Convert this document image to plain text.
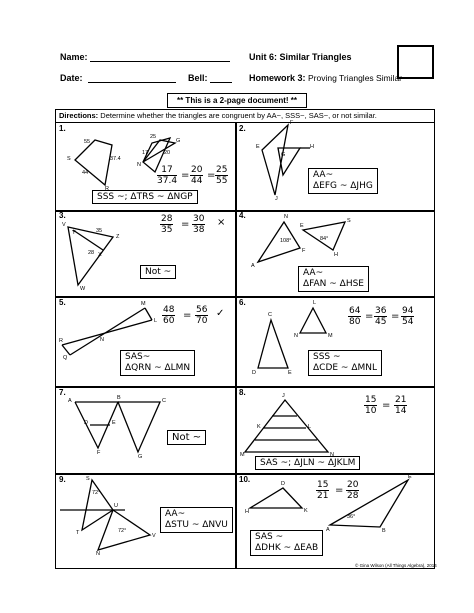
Name:
Date:	Bell:
Unit 6: Similar Triangles
Homework 3: Proving Triangles Similar
** This is a 2-page document! **
Directions: Determine whether the triangles are congruent by AA~, SSS~, SAS~, or not similar.
1.
S
55
37.4
44
R
25
20
17
N
G
$\frac{17}{37.4} = \frac{20}{44} = \frac{25}{55}$
SSS ~; ΔTRS ~ ΔNGP
2.
E
F
G
H
J
AA~
ΔEFG ~ ΔJHG
3.
V
Y
Z
X
W
35
28
$\frac{28}{35} = \frac{30}{38}$ ×
Not ~
4.	N
108°
E
A
F
S
84°
H
AA~
ΔFAN ~ ΔHSE
5.	M
N
R
Q
L $\frac{48}{60} = \frac{56}{70}$ ✓
SAS~
ΔQRN ~ ΔLMN
6.
C
L
N	M
D	E
$\frac{64}{80} = \frac{36}{45} = \frac{94}{54}$
SSS ~
ΔCDE ~ ΔMNL
7.
A	B	C
D	E
F
G
Not ~
8.	J
K	L
M	N
$\frac{15}{10} = \frac{21}{14}$
SAS ~; ΔJLN ~ ΔJKLM
9.	S
72°
U
T	72°
V
N
AA~
ΔSTU ~ ΔNVU
10.
H
D
K
A
E
B
36°
$\frac{15}{21} = \frac{20}{28}$
SAS ~
ΔDHK ~ ΔEAB
© Gina Wilson (All Things Algebra), 2014
